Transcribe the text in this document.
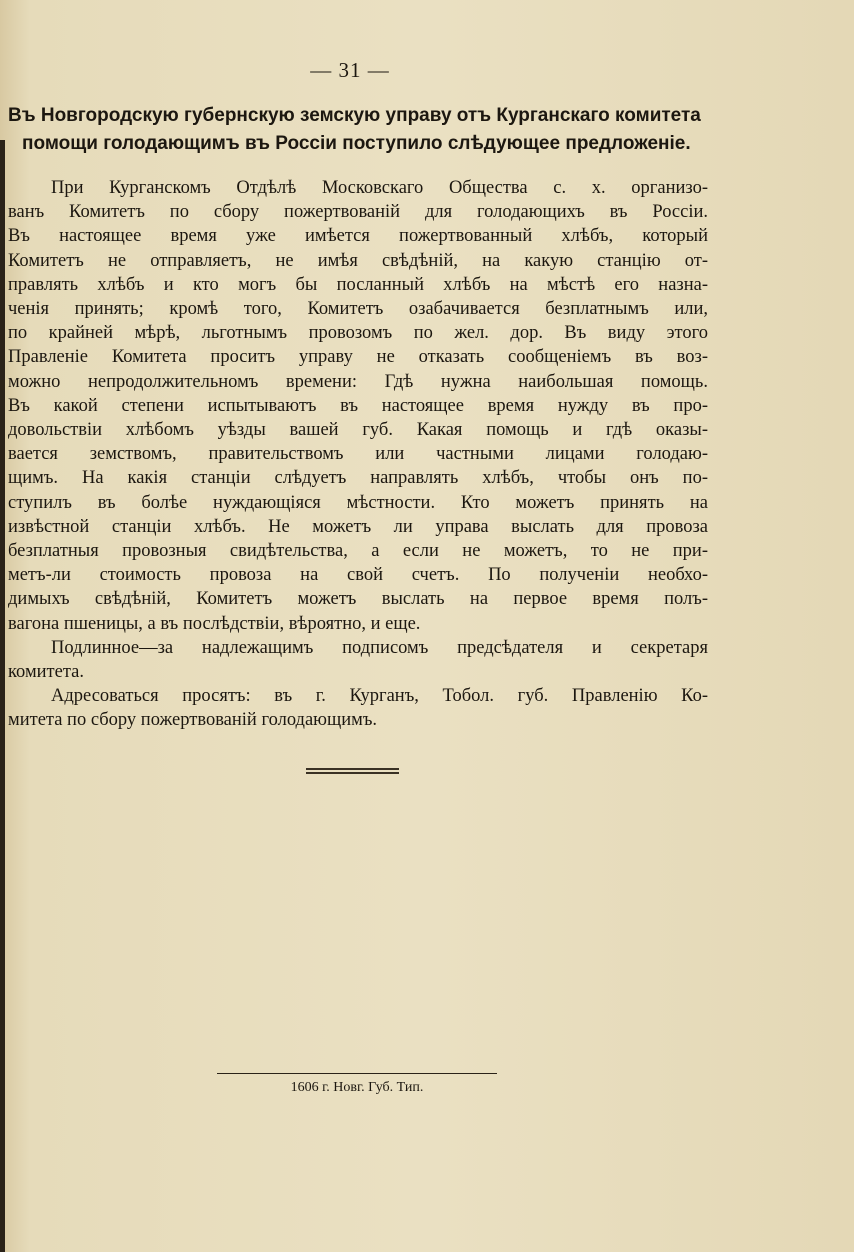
— 31 —
Въ Новгородскую губернскую земскую управу отъ Курганскаго комитета
помощи голодающимъ въ Россіи поступило слѣдующее предложеніе.
При Курганскомъ Отдѣлѣ Московскаго Общества с. х. организо-
ванъ Комитетъ по сбору пожертвованій для голодающихъ въ Россіи.
Въ настоящее время уже имѣется пожертвованный хлѣбъ, который
Комитетъ не отправляетъ, не имѣя свѣдѣній, на какую станцію от-
правлять хлѣбъ и кто могъ бы посланный хлѣбъ на мѣстѣ его назна-
ченія принять; кромѣ того, Комитетъ озабачивается безплатнымъ или,
по крайней мѣрѣ, льготнымъ провозомъ по жел. дор. Въ виду этого
Правленіе Комитета проситъ управу не отказать сообщеніемъ въ воз-
можно непродолжительномъ времени: Гдѣ нужна наибольшая помощь.
Въ какой степени испытываютъ въ настоящее время нужду въ про-
довольствіи хлѣбомъ уѣзды вашей губ. Какая помощь и гдѣ оказы-
вается земствомъ, правительствомъ или частными лицами голодаю-
щимъ. На какія станціи слѣдуетъ направлять хлѣбъ, чтобы онъ по-
ступилъ въ болѣе нуждающіяся мѣстности. Кто можетъ принять на
извѣстной станціи хлѣбъ. Не можетъ ли управа выслать для провоза
безплатныя провозныя свидѣтельства, а если не можетъ, то не при-
метъ-ли стоимость провоза на свой счетъ. По полученіи необхо-
димыхъ свѣдѣній, Комитетъ можетъ выслать на первое время полъ-
вагона пшеницы, а въ послѣдствіи, вѣроятно, и еще.
Подлинное—за надлежащимъ подписомъ предсѣдателя и секретаря
комитета.
Адресоваться просятъ: въ г. Курганъ, Тобол. губ. Правленію Ко-
митета по сбору пожертвованій голодающимъ.
1606 г. Новг. Губ. Тип.
